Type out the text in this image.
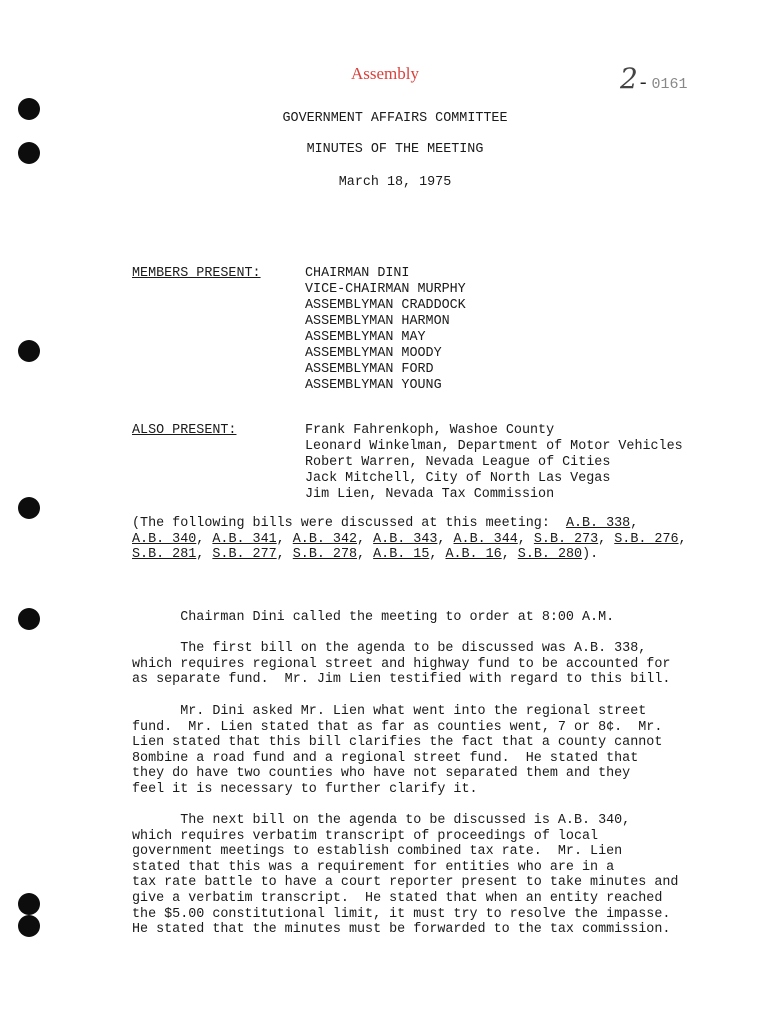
Assembly	2 - 0161
GOVERNMENT AFFAIRS COMMITTEE
MINUTES OF THE MEETING
March 18, 1975
MEMBERS PRESENT:	CHAIRMAN DINI
VICE-CHAIRMAN MURPHY
ASSEMBLYMAN CRADDOCK
ASSEMBLYMAN HARMON
ASSEMBLYMAN MAY
ASSEMBLYMAN MOODY
ASSEMBLYMAN FORD
ASSEMBLYMAN YOUNG
ALSO PRESENT:	Frank Fahrenkoph, Washoe County
Leonard Winkelman, Department of Motor Vehicles
Robert Warren, Nevada League of Cities
Jack Mitchell, City of North Las Vegas
Jim Lien, Nevada Tax Commission
(The following bills were discussed at this meeting:  A.B. 338,
A.B. 340, A.B. 341, A.B. 342, A.B. 343, A.B. 344, S.B. 273, S.B. 276,
S.B. 281, S.B. 277, S.B. 278, A.B. 15, A.B. 16, S.B. 280).
Chairman Dini called the meeting to order at 8:00 A.M.
The first bill on the agenda to be discussed was A.B. 338,
which requires regional street and highway fund to be accounted for
as separate fund.  Mr. Jim Lien testified with regard to this bill.
Mr. Dini asked Mr. Lien what went into the regional street
fund.  Mr. Lien stated that as far as counties went, 7 or 8¢.  Mr.
Lien stated that this bill clarifies the fact that a county cannot
8ombine a road fund and a regional street fund.  He stated that
they do have two counties who have not separated them and they
feel it is necessary to further clarify it.
The next bill on the agenda to be discussed is A.B. 340,
which requires verbatim transcript of proceedings of local
government meetings to establish combined tax rate.  Mr. Lien
stated that this was a requirement for entities who are in a
tax rate battle to have a court reporter present to take minutes and
give a verbatim transcript.  He stated that when an entity reached
the $5.00 constitutional limit, it must try to resolve the impasse.
He stated that the minutes must be forwarded to the tax commission.
